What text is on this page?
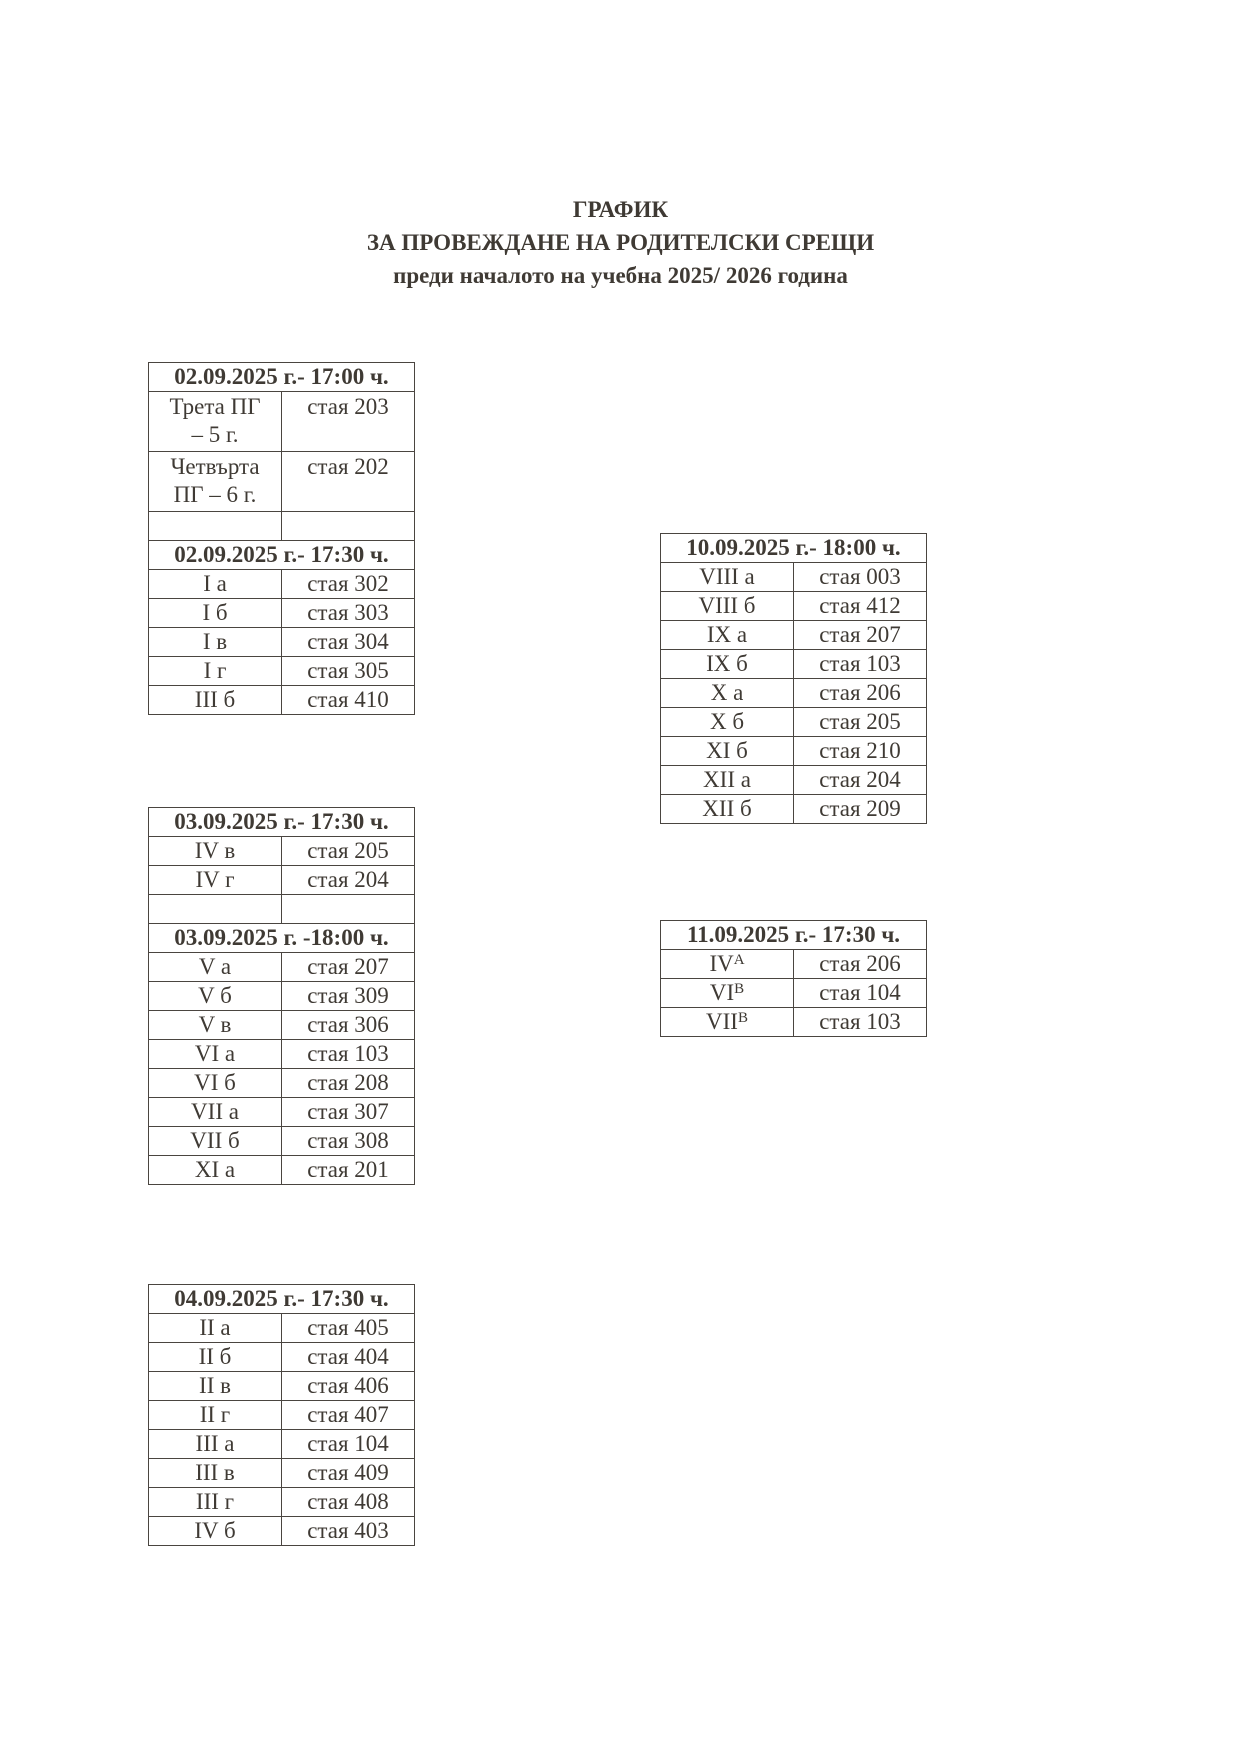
ГРАФИК
ЗА ПРОВЕЖДАНЕ НА РОДИТЕЛСКИ СРЕЩИ
преди началото на учебна 2025/ 2026 година
02.09.2025 г.- 17:00 ч.	
Трета ПГ
– 5 г.	стая 203
Четвърта
ПГ – 6 г.	стая 202

02.09.2025 г.- 17:30 ч.	
I а	стая 302
I б	стая 303
I в	стая 304
I г	стая 305
III б	стая 410
03.09.2025 г.- 17:30 ч.	
IV в	стая 205
IV г	стая 204

03.09.2025 г. -18:00 ч.	
V а	стая 207
V б	стая 309
V в	стая 306
VI а	стая 103
VI б	стая 208
VII а	стая 307
VII б	стая 308
XI а	стая 201
04.09.2025 г.- 17:30 ч.	
II а	стая 405
II б	стая 404
II в	стая 406
II г	стая 407
III а	стая 104
III в	стая 409
III г	стая 408
IV б	стая 403
10.09.2025 г.- 18:00 ч.	
VIII а	стая 003
VIII б	стая 412
IX а	стая 207
IX б	стая 103
X а	стая 206
X б	стая 205
XI б	стая 210
XII а	стая 204
XII б	стая 209
11.09.2025 г.- 17:30 ч.	
$IV^А$	стая 206
$VI^В$	стая 104
$VII^В$	стая 103
